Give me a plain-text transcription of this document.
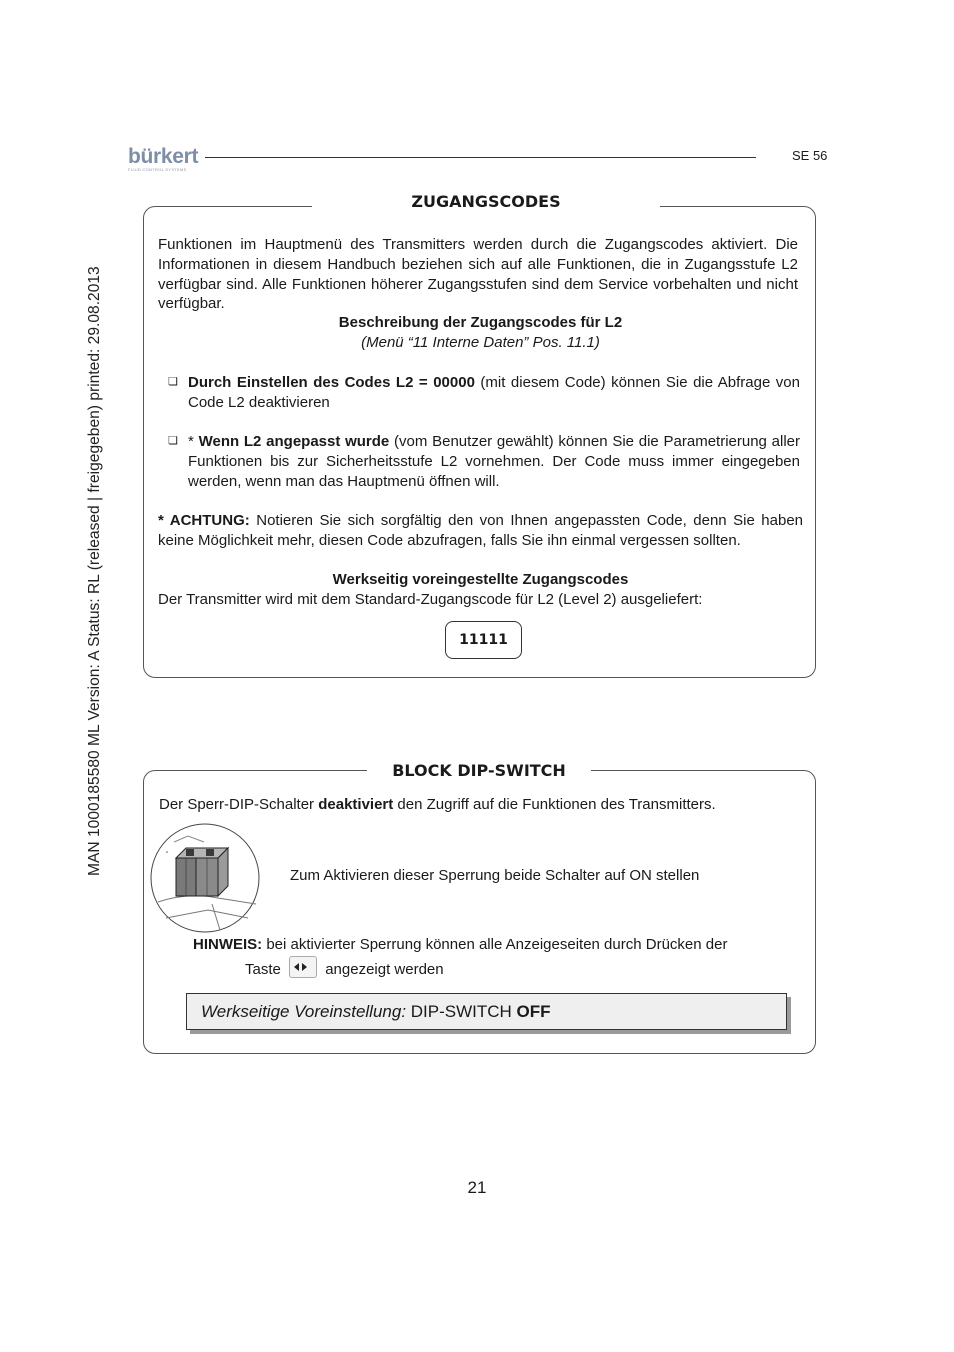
MAN 1000185580 ML Version: A Status: RL (released | freigegeben) printed: 29.08.2013
bürkert
FLUID CONTROL SYSTEMS
SE 56
ZUGANGSCODES
Funktionen im Hauptmenü des Transmitters werden durch die Zugangscodes aktiviert. Die Informationen in diesem Handbuch beziehen sich auf alle Funktionen, die in Zugangsstufe L2 verfügbar sind. Alle Funktionen höherer Zugangsstufen sind dem Service vorbehalten und nicht verfügbar.
Beschreibung der Zugangscodes für L2
(Menü “11 Interne Daten” Pos. 11.1)
❏ Durch Einstellen des Codes L2 = 00000 (mit diesem Code) können Sie die Abfrage von Code L2 deaktivieren
❏ * Wenn L2 angepasst wurde (vom Benutzer gewählt) können Sie die Parametrierung aller Funktionen bis zur Sicherheitsstufe L2 vornehmen. Der Code muss immer eingegeben werden, wenn man das Hauptmenü öffnen will.
* ACHTUNG: Notieren Sie sich sorgfältig den von Ihnen angepassten Code, denn Sie haben keine Möglichkeit mehr, diesen Code abzufragen, falls Sie ihn einmal vergessen sollten.
Werkseitig voreingestellte Zugangscodes
Der Transmitter wird mit dem Standard-Zugangscode für L2 (Level 2) ausgeliefert:
11111
BLOCK DIP-SWITCH
Der Sperr-DIP-Schalter deaktiviert den Zugriff auf die Funktionen des Transmitters.
Zum Aktivieren dieser Sperrung beide Schalter auf ON stellen
HINWEIS: bei aktivierter Sperrung können alle Anzeigeseiten durch Drücken der
Taste	angezeigt werden
Werkseitige Voreinstellung: DIP-SWITCH OFF
21
